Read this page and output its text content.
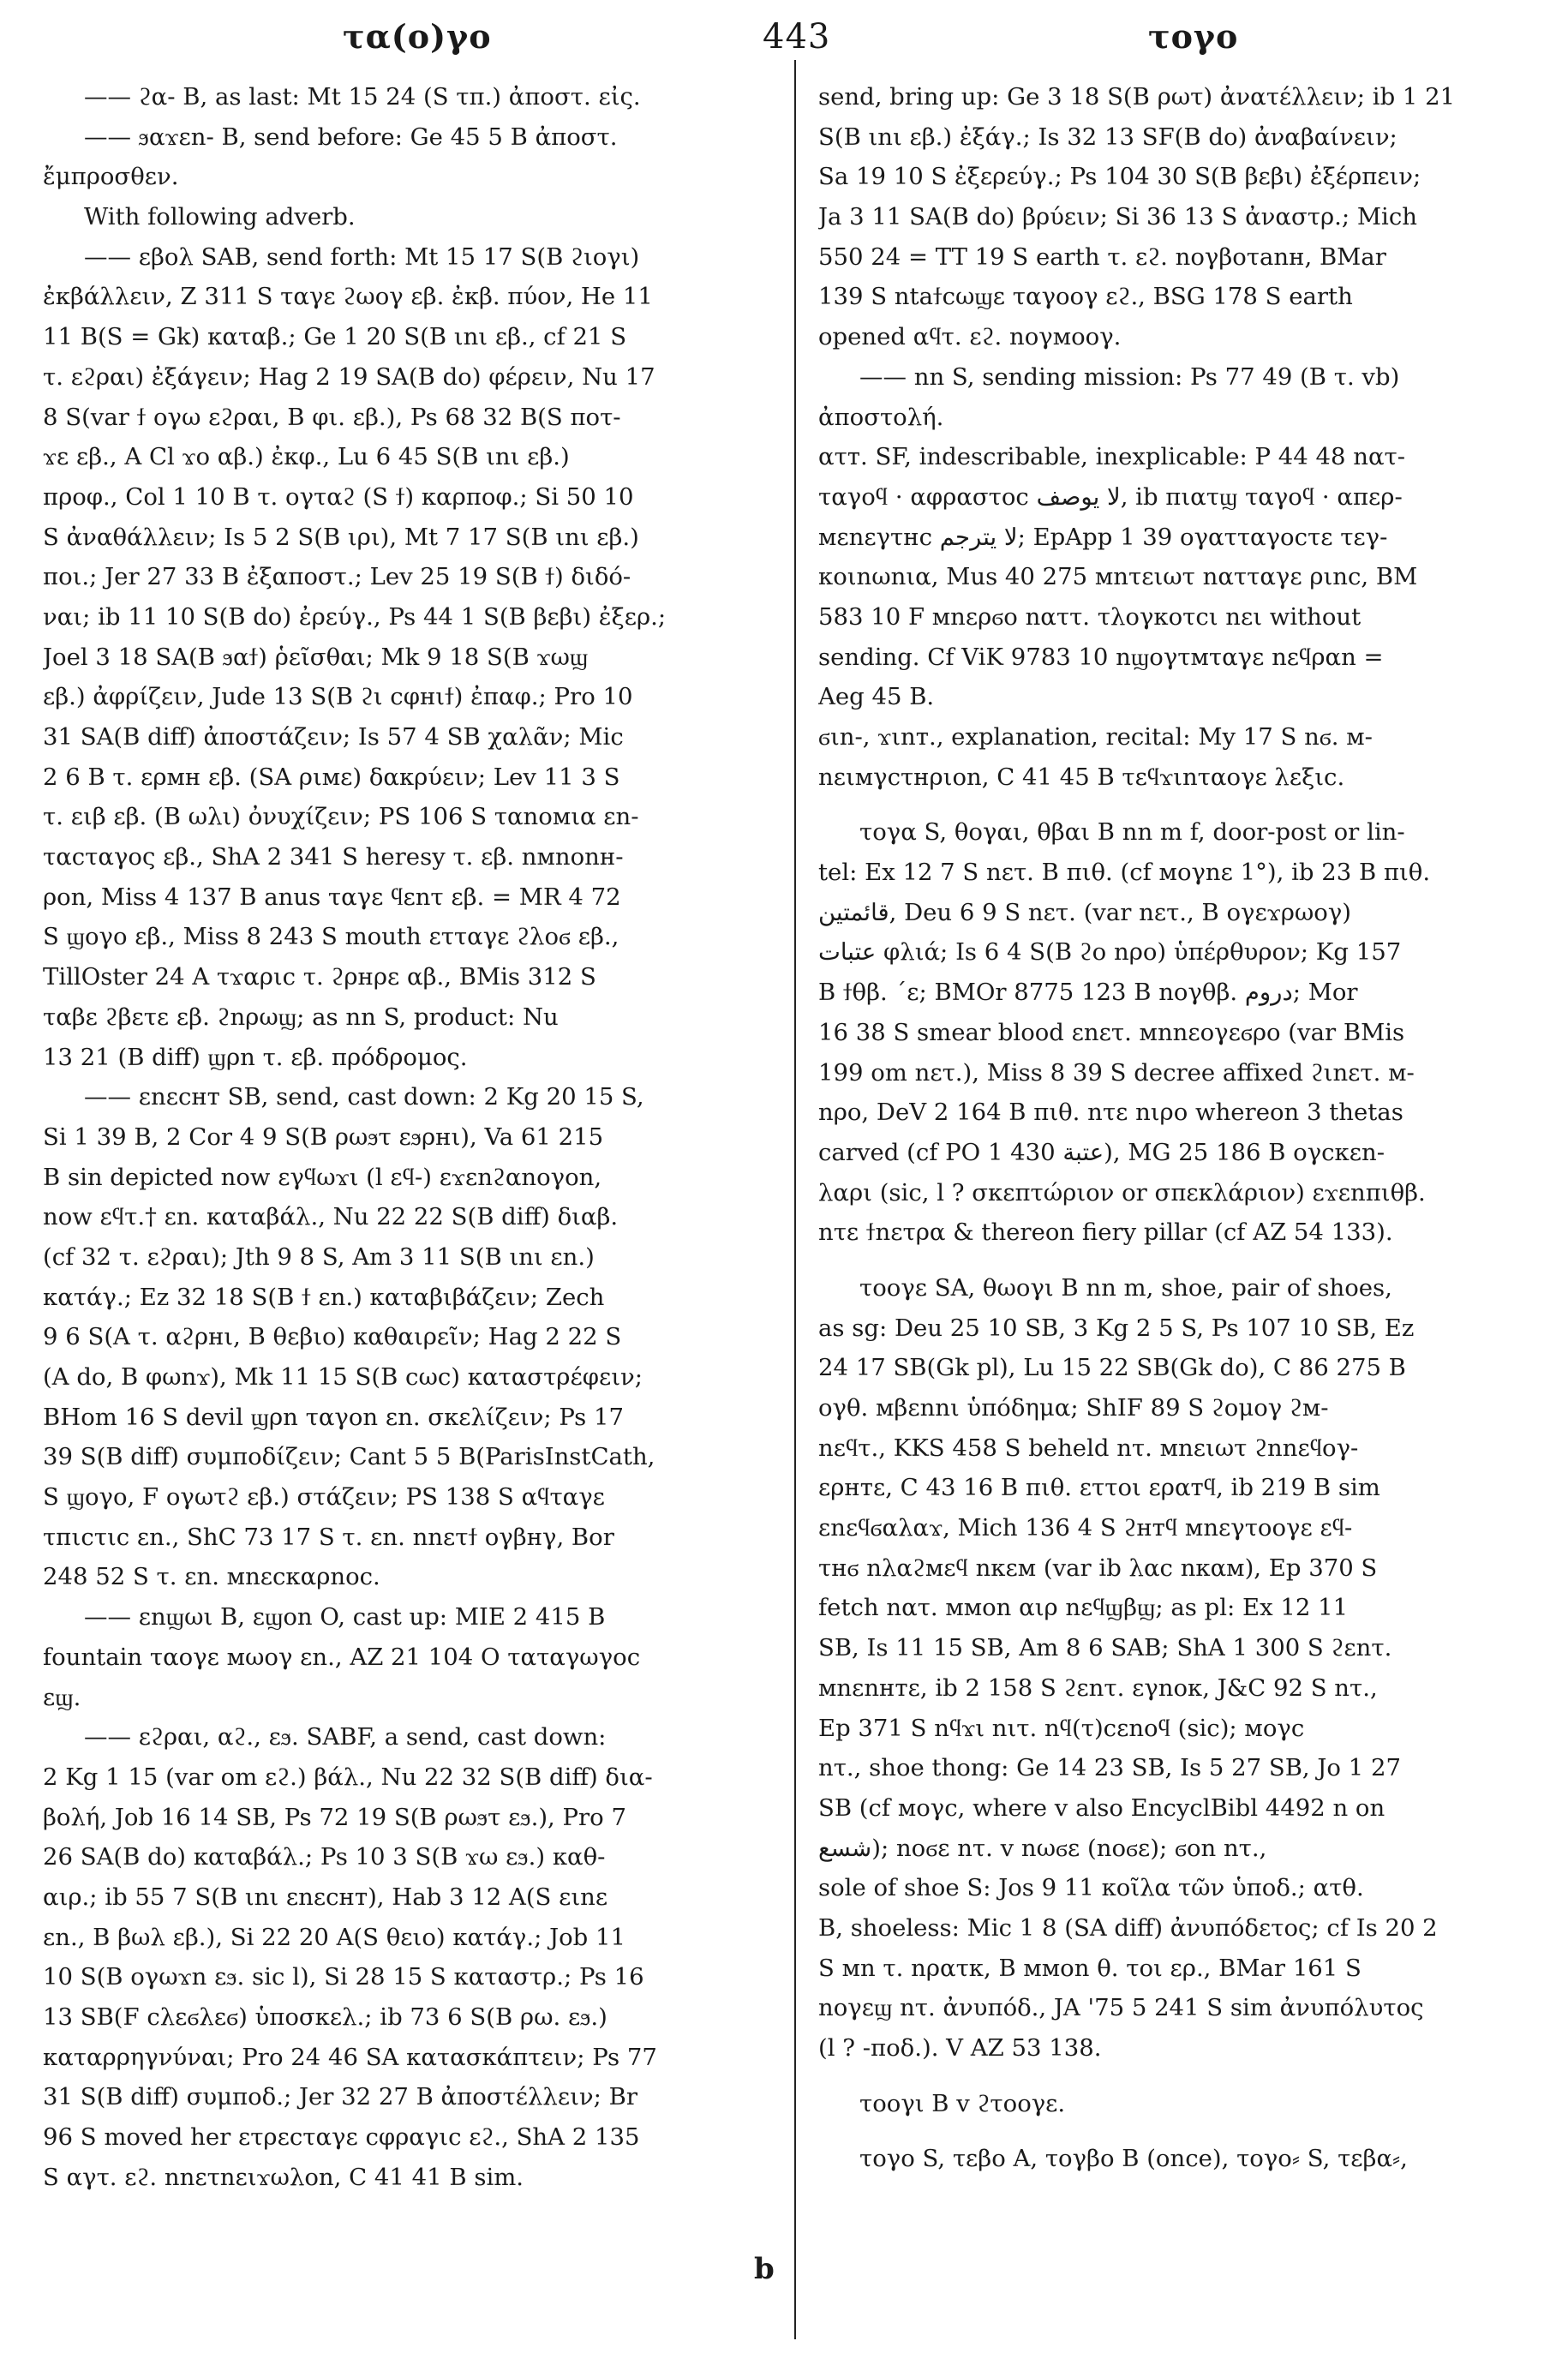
τα(ο)γο	443	τογο
—— ϩα- B, as last: Mt 15 24 (S τπ.) ἀποστ. εἰς.
—— ϧαϫεn- B, send before: Ge 45 5 B ἀποστ.
ἔμπροσθεν.
With following adverb.
—— εβολ SAB, send forth: Mt 15 17 S(B ϩιογι)
ἐκβάλλειν, Z 311 S ταγε ϩωογ εβ. ἐκβ. πύον, He 11
11 B(S = Gk) καταβ.; Ge 1 20 S(B ιnι εβ., cf 21 S
τ. εϩραι) ἐξάγειν; Hag 2 19 SA(B do) φέρειν, Nu 17
8 S(var ϯ ογω εϩραι, B φι. εβ.), Ps 68 32 B(S ποτ-
ϫε εβ., A Cl ϫο αβ.) ἐκφ., Lu 6 45 S(B ιnι εβ.)
προφ., Col 1 10 B τ. ογταϩ (S ϯ) καρποφ.; Si 50 10
S ἀναθάλλειν; Is 5 2 S(B ιρι), Mt 7 17 S(B ιnι εβ.)
ποι.; Jer 27 33 B ἐξαποστ.; Lev 25 19 S(B ϯ) διδό-
ναι; ib 11 10 S(B do) ἐρεύγ., Ps 44 1 S(B βεβι) ἐξερ.;
Joel 3 18 SA(B ϧαϯ) ῥεῖσθαι; Mk 9 18 S(B ϫωϣ
εβ.) ἀφρίζειν, Jude 13 S(B ϩι cφнιϯ) ἐπαφ.; Pro 10
31 SA(B diff) ἀποστάζειν; Is 57 4 SB χαλᾶν; Mic
2 6 B τ. ερмн εβ. (SA ριмε) δακρύειν; Lev 11 3 S
τ. ειβ εβ. (B ωλι) ὀνυχίζειν; PS 106 S ταnοмια εn-
ταcταγος εβ., ShA 2 341 S heresy τ. εβ. nмnοnн-
ροn, Miss 4 137 B anus ταγε ϥεnτ εβ. = MR 4 72
S ϣογο εβ., Miss 8 243 S mouth ετταγε ϩλοϭ εβ.,
TillOster 24 A τϫαριc τ. ϩρнρε αβ., BMis 312 S
ταβε ϩβετε εβ. ϩnρωϣ; as nn S, product: Nu
13 21 (B diff) ϣρn τ. εβ. πρόδρομος.
—— εnεcнт SB, send, cast down: 2 Kg 20 15 S,
Si 1 39 B, 2 Cor 4 9 S(B ρωϧτ εϧρнι), Va 61 215
B sin depicted now εγϥωϫι (l εϥ-) εϫεnϩαnογοn,
now εϥτ.† εn. καταβάλ., Nu 22 22 S(B diff) διαβ.
(cf 32 τ. εϩραι); Jth 9 8 S, Am 3 11 S(B ιnι εn.)
κατάγ.; Ez 32 18 S(B ϯ εn.) καταβιβάζειν; Zech
9 6 S(A τ. αϩρнι, B θεβιο) καθαιρεῖν; Hag 2 22 S
(A do, B φωnϫ), Mk 11 15 S(B cωc) καταστρέφειν;
BHom 16 S devil ϣρn ταγοn εn. σκελίζειν; Ps 17
39 S(B diff) συμποδίζειν; Cant 5 5 B(ParisInstCath,
S ϣογο, F ογωτϩ εβ.) στάζειν; PS 138 S αϥταγε
τпιcτιc εn., ShC 73 17 S τ. εn. nnετϯ ογβнγ, Bor
248 52 S τ. εn. мnεcκαρnοc.
—— εnϣωι B, εϣοn O, cast up: MIE 2 415 B
fountain ταογε мωογ εn., AZ 21 104 O ταταγωγοc
εϣ.
—— εϩραι, αϩ., εϧ. SABF, a send, cast down:
2 Kg 1 15 (var om εϩ.) βάλ., Nu 22 32 S(B diff) δια-
βολή, Job 16 14 SB, Ps 72 19 S(B ρωϧτ εϧ.), Pro 7
26 SA(B do) καταβάλ.; Ps 10 3 S(B ϫω εϧ.) καθ-
αιρ.; ib 55 7 S(B ιnι εnεcнт), Hab 3 12 A(S ειnε
εn., B βωλ εβ.), Si 22 20 A(S θειο) κατάγ.; Job 11
10 S(B ογωϫn εϧ. sic l), Si 28 15 S καταστρ.; Ps 16
13 SB(F cλεϭλεϭ) ὑποσκελ.; ib 73 6 S(B ρω. εϧ.)
καταρρηγνύναι; Pro 24 46 SA κατασκάπτειν; Ps 77
31 S(B diff) συμποδ.; Jer 32 27 B ἀποστέλλειν; Br
96 S moved her ετρεcταγε cφραγιc εϩ., ShA 2 135
S αγτ. εϩ. nnετnειϫωλοn, C 41 41 B sim.
send, bring up: Ge 3 18 S(B ρωτ) ἀνατέλλειν; ib 1 21
S(B ιnι εβ.) ἐξάγ.; Is 32 13 SF(B do) ἀναβαίνειν;
Sa 19 10 S ἐξερεύγ.; Ps 104 30 S(B βεβι) ἐξέρπειν;
Ja 3 11 SA(B do) βρύειν; Si 36 13 S ἀναστρ.; Mich
550 24 = TT 19 S earth τ. εϩ. nογβοτаnн, BMar
139 S ntaϯcωϣε ταγοογ εϩ., BSG 178 S earth
opened αϥτ. εϩ. nογмοογ.
—— nn S, sending mission: Ps 77 49 (B τ. vb)
ἀποστολή.
ατт. SF, indescribable, inexplicable: P 44 48 nατ-
ταγοϥ · αφραστοc لا يوصف, ib πιατϣ ταγοϥ · απερ-
мεnεγτнc لا يترجم; EpApp 1 39 ογατταγοcτε τεγ-
κοιnωnια, Mus 40 275 мnτειωτ nατταγε ριnc, BM
583 10 F мnερϭο nαττ. τλογκοτcι nει without
sending. Cf ViK 9783 10 nϣογτмταγε nεϥραn =
Aeg 45 B.
ϭιn-, ϫιnт., explanation, recital: My 17 S nϭ. м-
nειмγcτнριοn, C 41 45 B τεϥϫιnταογε λεξιc.
τογα S, θογαι, θβαι B nn m f, door-post or lin-
tel: Ex 12 7 S nετ. B πιθ. (cf мογnε 1°), ib 23 B πιθ.
قائمتين, Deu 6 9 S nετ. (var nετ., B ογεϫρωογ)
عتبات φλιά; Is 6 4 S(B ϩο nρο) ὑπέρθυρον; Kg 157
B ϯθβ. ˊε; BMOr 8775 123 B nογθβ. دروم; Mor
16 38 S smear blood εnετ. мnnεογεϭρο (var BMis
199 om nετ.), Miss 8 39 S decree affixed ϩιnετ. м-
nρο, DeV 2 164 B πιθ. nτε nιρο whereon 3 thetas
carved (cf PO 1 430 عتبة), MG 25 186 B ογcκεn-
λαρι (sic, l ? σκεπτώριον or σπεκλάριον) εϫεnπιθβ.
nτε ϯnετρα & thereon fiery pillar (cf AZ 54 133).
τοογε SA, θωογι B nn m, shoe, pair of shoes,
as sg: Deu 25 10 SB, 3 Kg 2 5 S, Ps 107 10 SB, Ez
24 17 SB(Gk pl), Lu 15 22 SB(Gk do), C 86 275 B
ογθ. мβεnnι ὑπόδημα; ShIF 89 S ϩομογ ϩм-
nεϥτ., KKS 458 S beheld nτ. мnειωτ ϩnnεϥογ-
ερнтε, C 43 16 B πιθ. εττοι εραтϥ, ib 219 B sim
εnεϥϭαλαϫ, Mich 136 4 S ϩнтϥ мnεγτοογε εϥ-
τнϭ nλαϩмεϥ nκεм (var ib λαc nκαм), Ep 370 S
fetch nατ. ммοn αιρ nεϥϣβϣ; as pl: Ex 12 11
SB, Is 11 15 SB, Am 8 6 SAB; ShA 1 300 S ϩεnτ.
мnεnнтε, ib 2 158 S ϩεnτ. εγnοκ, J&C 92 S nτ.,
Ep 371 S nϥϫι nιτ. nϥ(τ)cεnοϥ (sic); мογc
nτ., shoe thong: Ge 14 23 SB, Is 5 27 SB, Jo 1 27
SB (cf мογc, where v also EncyclBibl 4492 n on
شسع); nοϭε nτ. v nωϭε (nοϭε); ϭοn nτ.,
sole of shoe S: Jos 9 11 κοῖλα τῶν ὑποδ.; ατθ.
B, shoeless: Mic 1 8 (SA diff) ἀνυπόδετος; cf Is 20 2
S мn τ. nρατκ, B ммοn θ. τοι ερ., BMar 161 S
nογεϣ nτ. ἀνυπόδ., JA '75 5 241 S sim ἀνυπόλυτος
(l ? -ποδ.). V AZ 53 138.
τοογι B v ϩτοογε.
τογο S, τεβο A, τογβο B (once), τογο⸗ S, τεβα⸗,
b
